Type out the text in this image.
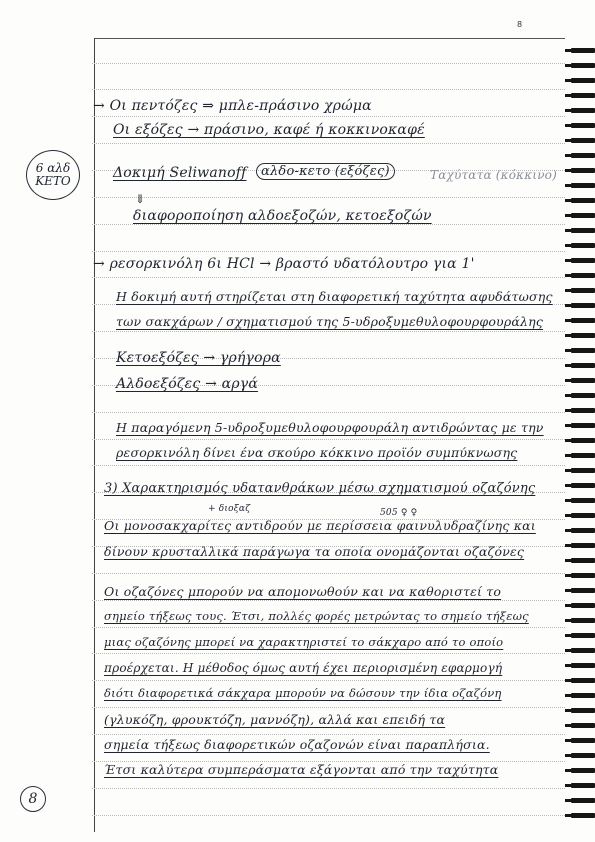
8
6 αλδ
ΚΕΤΟ
→ Οι πεντόζες ⇒ μπλε-πράσινο χρώμα
Οι εξόζες → πράσινο, καφέ ή κοκκινοκαφέ
Δοκιμή Seliwanoff	αλδο-κετο (εξόζες)	Ταχύτατα (κόκκινο)
⇓
διαφοροποίηση αλδοεξοζών, κετοεξοζών
→ ρεσορκινόλη 6ι HCl → βραστό υδατόλουτρο για 1'
Η δοκιμή αυτή στηρίζεται στη διαφορετική ταχύτητα αφυδάτωσης
των σακχάρων / σχηματισμού της 5-υδροξυμεθυλοφουρφουράλης
Κετοεξόζες → γρήγορα
Αλδοεξόζες → αργά
Η παραγόμενη 5-υδροξυμεθυλοφουρφουράλη αντιδρώντας με την
ρεσορκινόλη δίνει ένα σκούρο κόκκινο προϊόν συμπύκνωσης
3) Χαρακτηρισμός υδατανθράκων μέσω σχηματισμού οζαζόνης
+ διοξαζ	505 ♀ ♀
Οι μονοσακχαρίτες αντιδρούν με περίσσεια φαινυλυδραζίνης και
δίνουν κρυσταλλικά παράγωγα τα οποία ονομάζονται οζαζόνες
Οι οζαζόνες μπορούν να απομονωθούν και να καθοριστεί το
σημείο τήξεως τους. Έτσι, πολλές φορές μετρώντας το σημείο τήξεως
μιας οζαζόνης μπορεί να χαρακτηριστεί το σάκχαρο από το οποίο
προέρχεται. Η μέθοδος όμως αυτή έχει περιορισμένη εφαρμογή
διότι διαφορετικά σάκχαρα μπορούν να δώσουν την ίδια οζαζόνη
(γλυκόζη, φρουκτόζη, μαννόζη), αλλά και επειδή τα
σημεία τήξεως διαφορετικών οζαζονών είναι παραπλήσια.
Έτσι καλύτερα συμπεράσματα εξάγονται από την ταχύτητα
8
